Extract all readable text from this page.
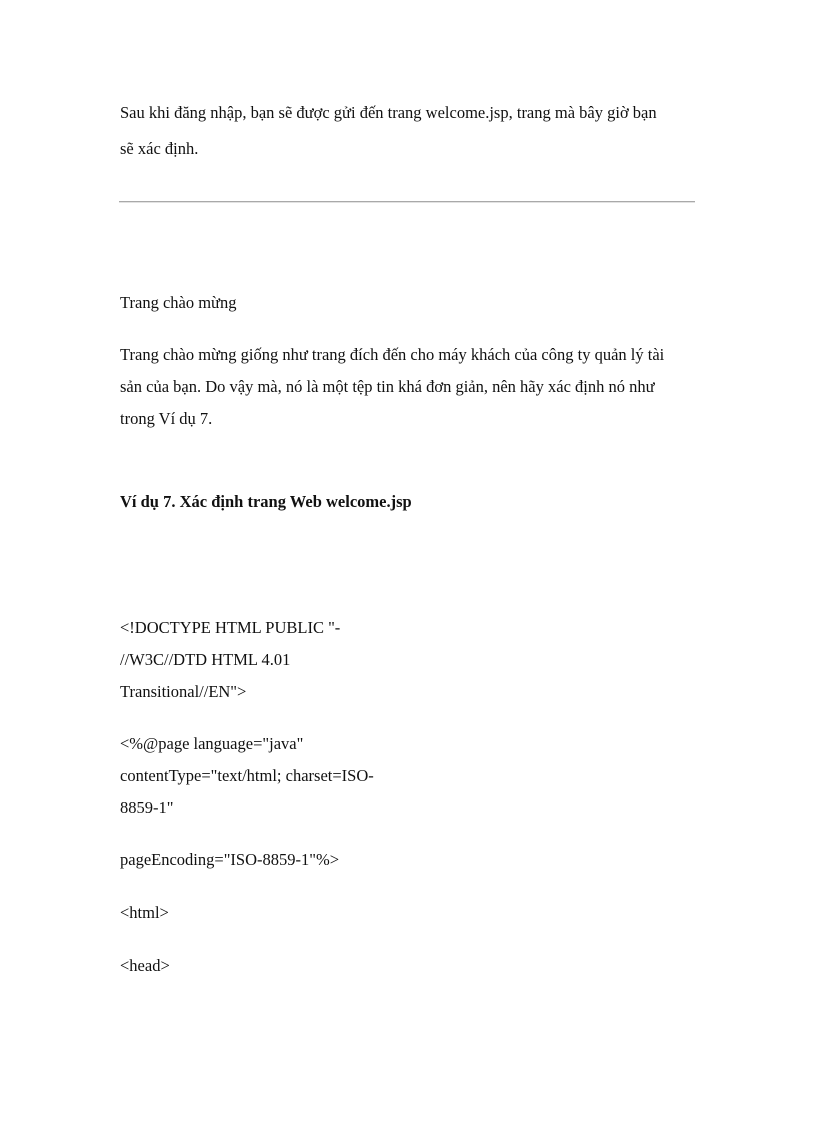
Sau khi đăng nhập, bạn sẽ được gửi đến trang welcome.jsp, trang mà bây giờ bạn

sẽ xác định.

Trang chào mừng

Trang chào mừng giống như trang đích đến cho máy khách của công ty quản lý tài

sản của bạn. Do vậy mà, nó là một tệp tin khá đơn giản, nên hãy xác định nó như

trong Ví dụ 7.

Ví dụ 7. Xác định trang Web welcome.jsp

<!DOCTYPE HTML PUBLIC "-

//W3C//DTD HTML 4.01

Transitional//EN">

<%@page language="java"

contentType="text/html; charset=ISO-

8859-1"

pageEncoding="ISO-8859-1"%>

<html>

<head>
